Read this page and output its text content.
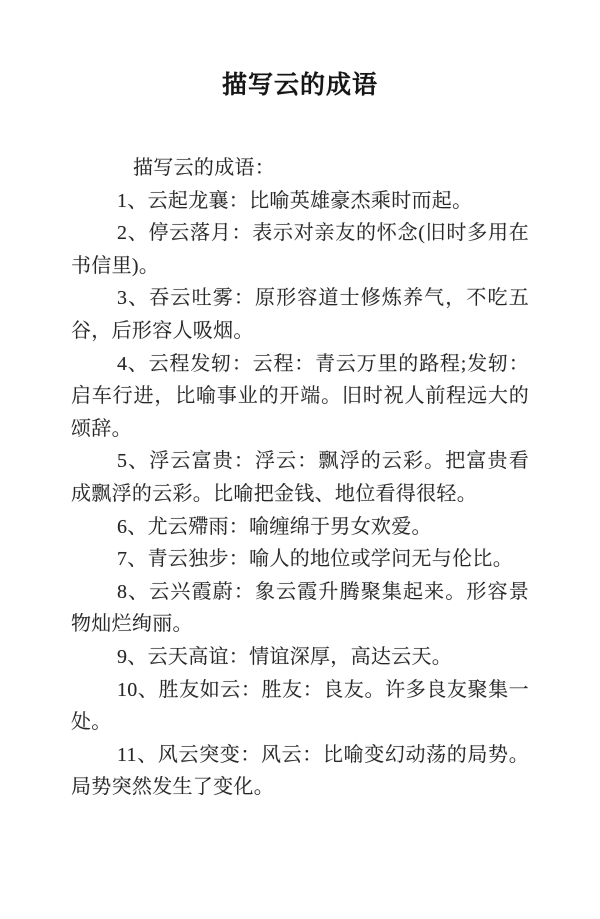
描写云的成语

描写云的成语：

1、云起龙襄：比喻英雄豪杰乘时而起。

2、停云落月：表示对亲友的怀念(旧时多用在书信里)。

3、吞云吐雾：原形容道士修炼养气，不吃五谷，后形容人吸烟。

4、云程发轫：云程：青云万里的路程;发轫：启车行进，比喻事业的开端。旧时祝人前程远大的颂辞。

5、浮云富贵：浮云：飘浮的云彩。把富贵看成飘浮的云彩。比喻把金钱、地位看得很轻。

6、尤云殢雨：喻缠绵于男女欢爱。

7、青云独步：喻人的地位或学问无与伦比。

8、云兴霞蔚：象云霞升腾聚集起来。形容景物灿烂绚丽。

9、云天高谊：情谊深厚，高达云天。

10、胜友如云：胜友：良友。许多良友聚集一处。

11、风云突变：风云：比喻变幻动荡的局势。局势突然发生了变化。
